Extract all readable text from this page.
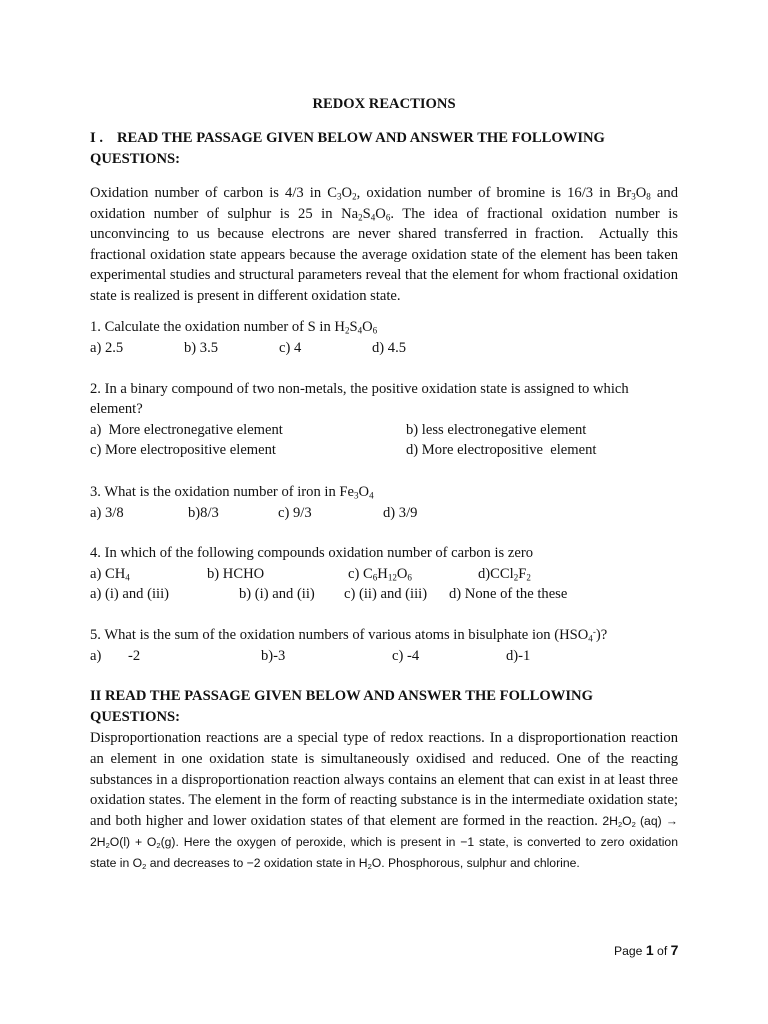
REDOX REACTIONS
I . READ THE PASSAGE GIVEN BELOW AND ANSWER THE FOLLOWING
QUESTIONS:
Oxidation number of carbon is 4/3 in $C_3O_2$, oxidation number of bromine is 16/3 in $Br_3O_8$ and oxidation number of sulphur is 25 in $Na_2S_4O_6$. The idea of fractional oxidation number is unconvincing to us because electrons are never shared transferred in fraction.  Actually this fractional oxidation state appears because the average oxidation state of the element has been taken experimental studies and structural parameters reveal that the element for whom fractional oxidation state is realized is present in different oxidation state.
1. Calculate the oxidation number of S in $H_2S_4O_6$
a) 2.5	b) 3.5	c) 4	d) 4.5
2. In a binary compound of two non-metals, the positive oxidation state is assigned to which
element?
a)  More electronegative element	b) less electronegative element
c) More electropositive element	d) More electropositive  element
3. What is the oxidation number of iron in $Fe_3O_4$
a) 3/8	b)8/3	c) 9/3	d) 3/9
4. In which of the following compounds oxidation number of carbon is zero
a) $CH_4$	b) HCHO	c) $C_6H_{12}O_6$	$d)CCl_2F_2$
a) (i) and (iii)	b) (i) and (ii) c) (ii) and (iii) d) None of the these
5. What is the sum of the oxidation numbers of various atoms in bisulphate ion $(HSO_4^-)$?
a) -2	b)-3	c) -4	d)-1
II READ THE PASSAGE GIVEN BELOW AND ANSWER THE FOLLOWING
QUESTIONS:
Disproportionation reactions are a special type of redox reactions. In a disproportionation reaction an element in one oxidation state is simultaneously oxidised and reduced. One of the reacting substances in a disproportionation reaction always contains an element that can exist in at least three oxidation states. The element in the form of reacting substance is in the intermediate oxidation state; and both higher and lower oxidation states of that element are formed in the reaction. $2H_2O_2$ $(aq) \to 2H_2O(l) + O_2(g)$. Here the oxygen of peroxide, which is present in −1 state, is converted to zero oxidation state in $O_2$ and decreases to −2 oxidation state in $H_2O$. Phosphorous, sulphur and chlorine.
Page 1 of 7
